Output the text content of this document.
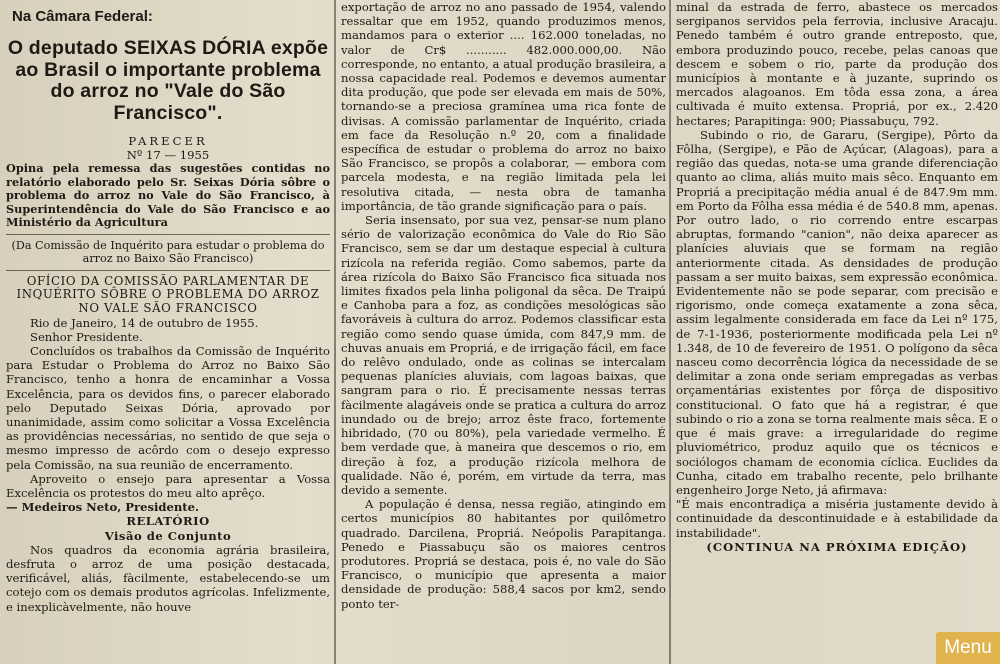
Na Câmara Federal:
O deputado SEIXAS DÓRIA expõe ao Brasil o importante problema do arroz no "Vale do São Francisco".

PARECER

Nº 17 — 1955

Opina pela remessa das sugestões contidas no relatório elaborado pelo Sr. Seixas Dória sôbre o problema do arroz no Vale do São Francisco, à Superintendência do Vale do São Francisco e ao Ministério da Agricultura

(Da Comissão de Inquérito para estudar o problema do arroz no Baixo São Francisco)

OFÍCIO DA COMISSÃO PARLAMENTAR DE INQUÉRITO SÔBRE O PROBLEMA DO ARROZ NO VALE SÃO FRANCISCO

Rio de Janeiro, 14 de outubro de 1955.

Senhor Presidente.

Concluídos os trabalhos da Comissão de Inquérito para Estudar o Problema do Arroz no Baixo São Francisco, tenho a honra de encaminhar a Vossa Excelência, para os devidos fins, o parecer elaborado pelo Deputado Seixas Dória, aprovado por unanimidade, assim como solicitar a Vossa Excelência as providências necessárias, no sentido de que seja o mesmo impresso de acôrdo com o desejo expresso pela Comissão, na sua reunião de encerramento.

Aproveito o ensejo para apresentar a Vossa Excelência os protestos do meu alto aprêço.

— Medeiros Neto, Presidente.

RELATÓRIO

Visão de Conjunto

Nos quadros da economia agrária brasileira, desfruta o arroz de uma posição destacada, verificável, aliás, fàcilmente, estabelecendo-se um cotejo com os demais produtos agrícolas. Infelizmente, e inexplicàvelmente, não houve

exportação de arroz no ano passado de 1954, valendo ressaltar que em 1952, quando produzimos menos, mandamos para o exterior .... 162.000 toneladas, no valor de Cr$ ........... 482.000.000,00. Não corresponde, no entanto, a atual produção brasileira, a nossa capacidade real. Podemos e devemos aumentar dita produção, que pode ser elevada em mais de 50%, tornando-se a preciosa gramínea uma rica fonte de divisas. A comissão parlamentar de Inquérito, criada em face da Resolução n.º 20, com a finalidade específica de estudar o problema do arroz no baixo São Francisco, se propôs a colaborar, — embora com parcela modesta, e na região limitada pela lei resolutiva citada, — nesta obra de tamanha importância, de tão grande significação para o país.

Seria insensato, por sua vez, pensar-se num plano sério de valorização econômica do Vale do Rio São Francisco, sem se dar um destaque especial à cultura rizícola na referida região. Como sabemos, parte da área rizícola do Baixo São Francisco fica situada nos limites fixados pela linha poligonal da sêca. De Traipú e Canhoba para a foz, as condições mesológicas são favoráveis à cultura do arroz. Podemos classificar esta região como sendo quase úmida, com 847,9 mm. de chuvas anuais em Propriá, e de irrigação fácil, em face do relêvo ondulado, onde as colinas se intercalam pequenas planícies aluviais, com lagoas baixas, que sangram para o rio. É precisamente nessas terras fàcilmente alagáveis onde se pratica a cultura do arroz inundado ou de brejo; arroz êste fraco, fortemente hibridado, (70 ou 80%), pela variedade vermelho. É bem verdade que, à maneira que descemos o rio, em direção à foz, a produção rizícola melhora de qualidade. Não é, porém, em virtude da terra, mas devido a semente.

A população é densa, nessa região, atingindo em certos municípios 80 habitantes por quilômetro quadrado. Darcilena, Propriá. Neópolis Parapitanga. Penedo e Piassabuçu são os maiores centros produtores. Propriá se destaca, pois é, no vale do São Francisco, o município que apresenta a maior densidade de produção: 588,4 sacos por km2, sendo ponto ter-

minal da estrada de ferro, abastece os mercados sergipanos servidos pela ferrovia, inclusive Aracaju. Penedo também é outro grande entreposto, que, embora produzindo pouco, recebe, pelas canoas que descem e sobem o rio, parte da produção dos municípios à montante e à juzante, suprindo os mercados alagoanos. Em tôda essa zona, a área cultivada é muito extensa. Propriá, por ex., 2.420 hectares; Parapitinga: 900; Piassabuçu, 792.

Subindo o rio, de Gararu, (Sergipe), Pôrto da Fôlha, (Sergipe), e Pão de Açúcar, (Alagoas), para a região das quedas, nota-se uma grande diferenciação quanto ao clima, aliás muito mais sêco. Enquanto em Propriá a precipitação média anual é de 847.9m mm. em Porto da Fôlha essa média é de 540.8 mm, apenas. Por outro lado, o rio correndo entre escarpas abruptas, formando "canion", não deixa aparecer as planícies aluviais que se formam na região anteriormente citada. As densidades de produção passam a ser muito baixas, sem expressão econômica. Evidentemente não se pode separar, com precisão e rigorismo, onde começa exatamente a zona sêca, assim legalmente considerada em face da Lei nº 175, de 7-1-1936, posteriormente modificada pela Lei nº 1.348, de 10 de fevereiro de 1951. O polígono da sêca nasceu como decorrência lógica da necessidade de se delimitar a zona onde seriam empregadas as verbas orçamentárias existentes por fôrça de dispositivo constitucional. O fato que há a registrar, é que subindo o rio a zona se torna realmente mais sêca. E o que é mais grave: a irregularidade do regime pluviométrico, produz aquilo que os técnicos e sociólogos chamam de economia cíclica. Euclides da Cunha, citado em trabalho recente, pelo brilhante engenheiro Jorge Neto, já afirmava:

"É mais encontradiça a miséria justamente devido à continuidade da descontinuidade e à estabilidade da instabilidade".

(CONTINUA NA PRÓXIMA EDIÇÃO)

Menu
